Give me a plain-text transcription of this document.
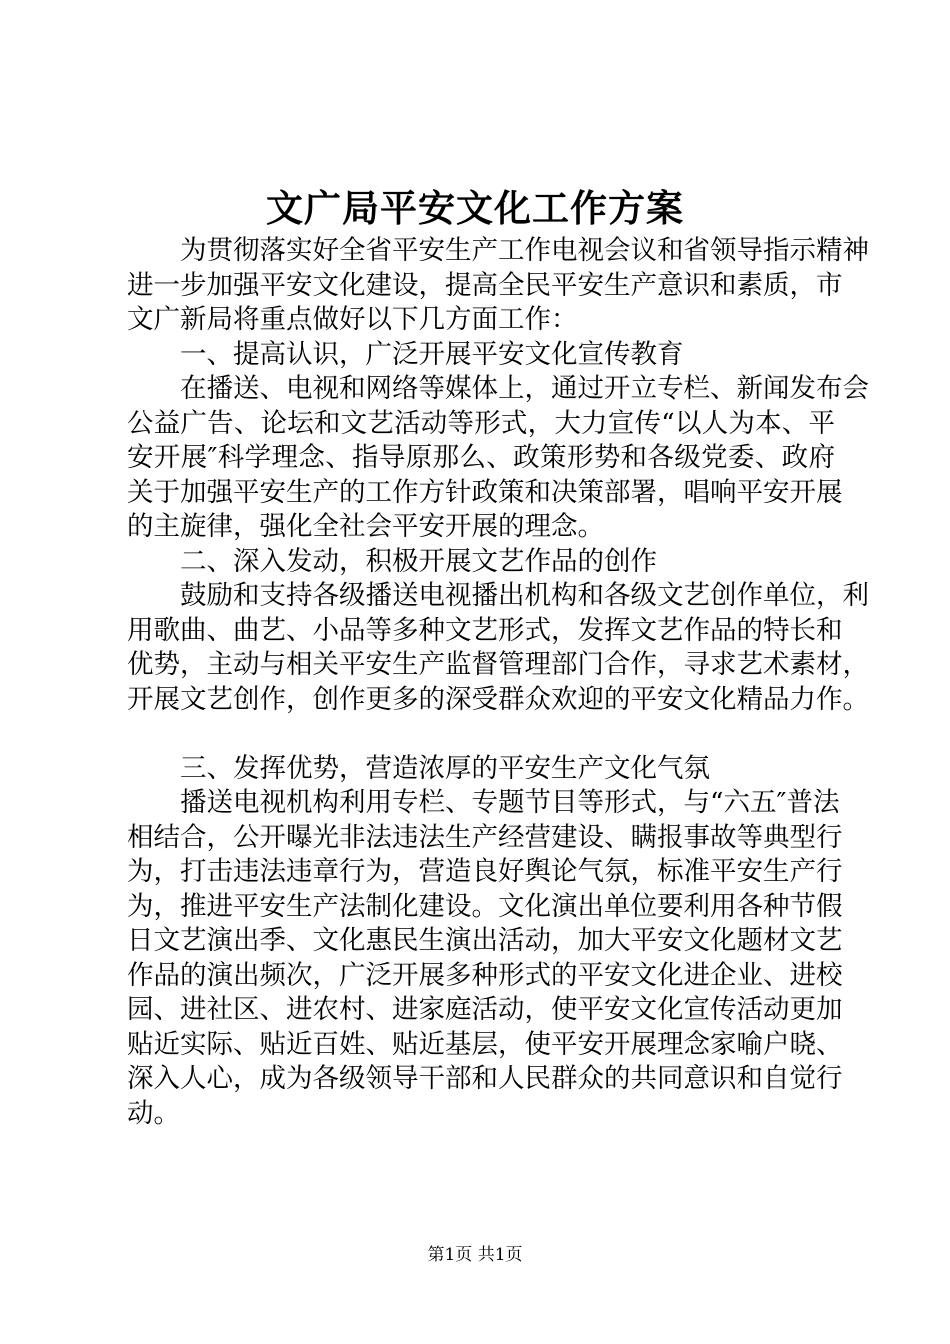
文广局平安文化工作方案
为贯彻落实好全省平安生产工作电视会议和省领导指示精神
进一步加强平安文化建设，提高全民平安生产意识和素质，市
文广新局将重点做好以下几方面工作：
一、提高认识，广泛开展平安文化宣传教育
在播送、电视和网络等媒体上，通过开立专栏、新闻发布会
公益广告、论坛和文艺活动等形式，大力宣传“以人为本、平
安开展″科学理念、指导原那么、政策形势和各级党委、政府
关于加强平安生产的工作方针政策和决策部署，唱响平安开展
的主旋律，强化全社会平安开展的理念。
二、深入发动，积极开展文艺作品的创作
鼓励和支持各级播送电视播出机构和各级文艺创作单位，利
用歌曲、曲艺、小品等多种文艺形式，发挥文艺作品的特长和
优势，主动与相关平安生产监督管理部门合作，寻求艺术素材，
开展文艺创作，创作更多的深受群众欢迎的平安文化精品力作。
三、发挥优势，营造浓厚的平安生产文化气氛
播送电视机构利用专栏、专题节目等形式，与“六五″普法
相结合，公开曝光非法违法生产经营建设、瞒报事故等典型行
为，打击违法违章行为，营造良好舆论气氛，标准平安生产行
为，推进平安生产法制化建设。文化演出单位要利用各种节假
日文艺演出季、文化惠民生演出活动，加大平安文化题材文艺
作品的演出频次，广泛开展多种形式的平安文化进企业、进校
园、进社区、进农村、进家庭活动，使平安文化宣传活动更加
贴近实际、贴近百姓、贴近基层，使平安开展理念家喻户晓、
深入人心，成为各级领导干部和人民群众的共同意识和自觉行
动。
第1页 共1页
